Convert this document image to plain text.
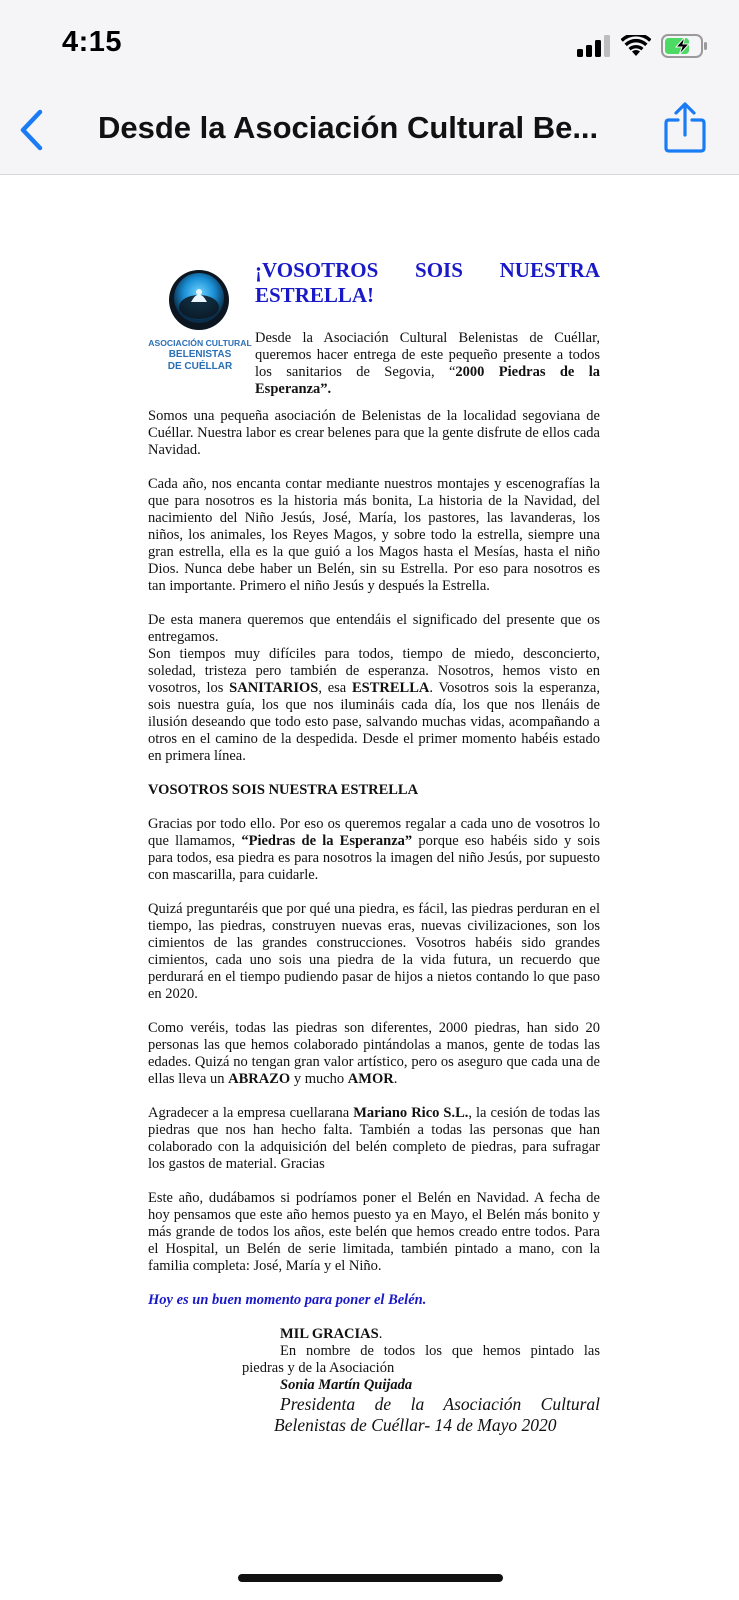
4:15
Desde la Asociación Cultural Be...
ASOCIACIÓN CULTURAL
BELENISTAS
DE CUÉLLAR
¡VOSOTROS SOIS NUESTRA
ESTRELLA!

Desde la Asociación Cultural Belenistas de Cuéllar, queremos hacer entrega de este pequeño presente a todos los sanitarios de Segovia, “2000 Piedras de la Esperanza”.

Somos una pequeña asociación de Belenistas de la localidad segoviana de Cuéllar. Nuestra labor es crear belenes para que la gente disfrute de ellos cada Navidad.

Cada año, nos encanta contar mediante nuestros montajes y escenografías la que para nosotros es la historia más bonita, La historia de la Navidad, del nacimiento del Niño Jesús, José, María, los pastores, las lavanderas, los niños, los animales, los Reyes Magos, y sobre todo la estrella, siempre una gran estrella, ella es la que guió a los Magos hasta el Mesías, hasta el niño Dios. Nunca debe haber un Belén, sin su Estrella. Por eso para nosotros es tan importante. Primero el niño Jesús y después la Estrella.

De esta manera queremos que entendáis el significado del presente que os entregamos.

Son tiempos muy difíciles para todos, tiempo de miedo, desconcierto, soledad, tristeza pero también de esperanza. Nosotros, hemos visto en vosotros, los SANITARIOS, esa ESTRELLA. Vosotros sois la esperanza, sois nuestra guía, los que nos ilumináis cada día, los que nos llenáis de ilusión deseando que todo esto pase, salvando muchas vidas, acompañando a otros en el camino de la despedida. Desde el primer momento habéis estado en primera línea.

VOSOTROS SOIS NUESTRA ESTRELLA

Gracias por todo ello. Por eso os queremos regalar a cada uno de vosotros lo que llamamos, “Piedras de la Esperanza” porque eso habéis sido y sois para todos, esa piedra es para nosotros la imagen del niño Jesús, por supuesto con mascarilla, para cuidarle.

Quizá preguntaréis que por qué una piedra, es fácil, las piedras perduran en el tiempo, las piedras, construyen nuevas eras, nuevas civilizaciones, son los cimientos de las grandes construcciones. Vosotros habéis sido grandes cimientos, cada uno sois una piedra de la vida futura, un recuerdo que perdurará en el tiempo pudiendo pasar de hijos a nietos contando lo que paso en 2020.

Como veréis, todas las piedras son diferentes, 2000 piedras, han sido 20 personas las que hemos colaborado pintándolas a manos, gente de todas las edades. Quizá no tengan gran valor artístico, pero os aseguro que cada una de ellas lleva un ABRAZO y mucho AMOR.

Agradecer a la empresa cuellarana Mariano Rico S.L., la cesión de todas las piedras que nos han hecho falta. También a todas las personas que han colaborado con la adquisición del belén completo de piedras, para sufragar los gastos de material. Gracias

Este año, dudábamos si podríamos poner el Belén en Navidad. A fecha de hoy pensamos que este año hemos puesto ya en Mayo, el Belén más bonito y más grande de todos los años, este belén que hemos creado entre todos. Para el Hospital, un Belén de serie limitada, también pintado a mano, con la familia completa: José, María y el Niño.

Hoy es un buen momento para poner el Belén.

MIL GRACIAS.
En nombre de todos los que hemos pintado las
piedras y de la Asociación
Sonia Martín Quijada
Presidenta de la Asociación Cultural
Belenistas de Cuéllar- 14 de Mayo 2020
